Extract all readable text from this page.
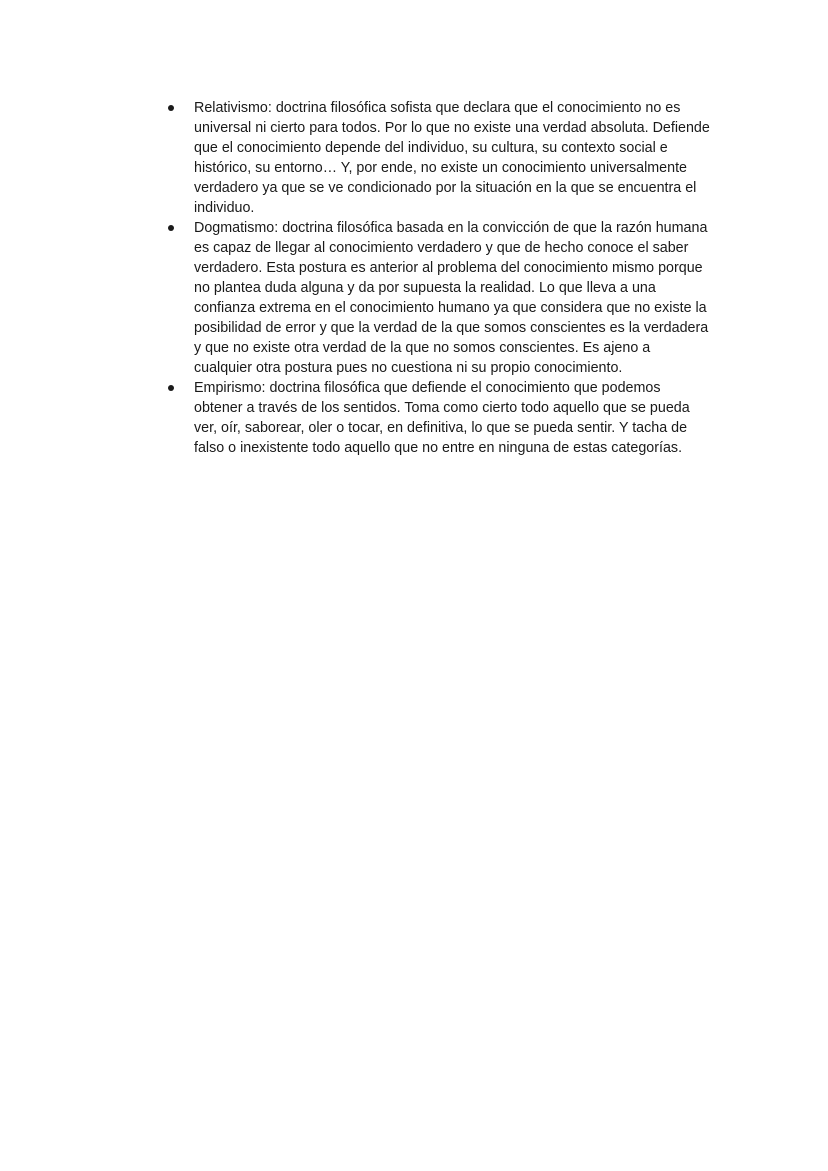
Relativismo: doctrina filosófica sofista que declara que el conocimiento no es universal ni cierto para todos. Por lo que no existe una verdad absoluta. Defiende que el conocimiento depende del individuo, su cultura, su contexto social e histórico, su entorno… Y, por ende, no existe un conocimiento universalmente verdadero ya que se ve condicionado por la situación en la que se encuentra el individuo.
Dogmatismo: doctrina filosófica basada en la convicción de que la razón humana es capaz de llegar al conocimiento verdadero y que de hecho conoce el saber verdadero. Esta postura es anterior al problema del conocimiento mismo porque no plantea duda alguna y da por supuesta la realidad. Lo que lleva a una confianza extrema en el conocimiento humano ya que considera que no existe la posibilidad de error y que la verdad de la que somos conscientes es la verdadera y que no existe otra verdad de la que no somos conscientes. Es ajeno a cualquier otra postura pues no cuestiona ni su propio conocimiento.
Empirismo: doctrina filosófica que defiende el conocimiento que podemos obtener a través de los sentidos. Toma como cierto todo aquello que se pueda ver, oír, saborear, oler o tocar, en definitiva, lo que se pueda sentir. Y tacha de falso o inexistente todo aquello que no entre en ninguna de estas categorías.
